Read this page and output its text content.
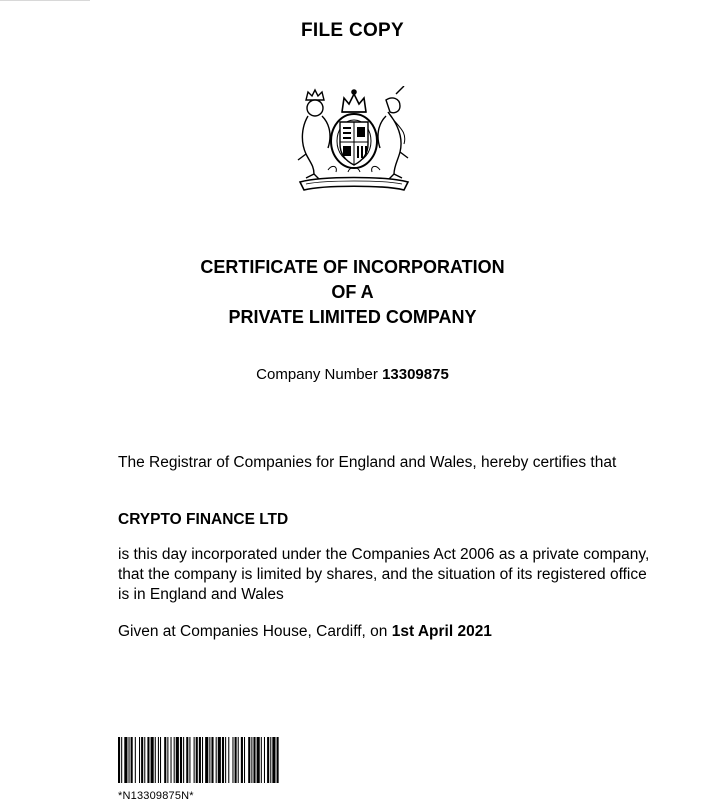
FILE COPY
CERTIFICATE OF INCORPORATION
OF A
PRIVATE LIMITED COMPANY
Company Number 13309875
The Registrar of Companies for England and Wales, hereby certifies that
CRYPTO FINANCE LTD
is this day incorporated under the Companies Act 2006 as a private company, that the company is limited by shares, and the situation of its registered office is in England and Wales
Given at Companies House, Cardiff, on 1st April 2021
*N13309875N*
